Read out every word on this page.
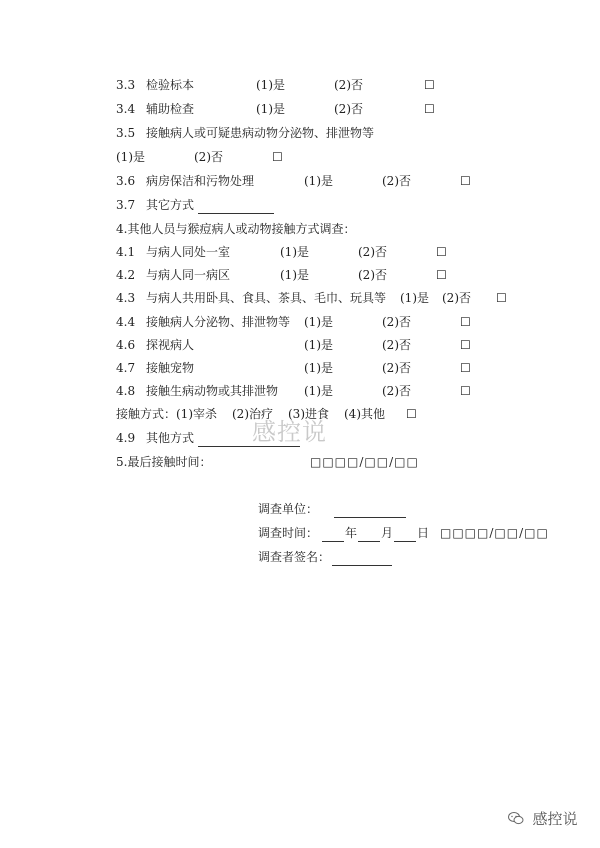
3.3 检验标本	(1)是	(2)否	☐
3.4 辅助检查	(1)是	(2)否	☐
3.5 接触病人或可疑患病动物分泌物、排泄物等
(1)是	(2)否	☐
3.6 病房保洁和污物处理	(1)是	(2)否	☐
3.7 其它方式
4.其他人员与猴痘病人或动物接触方式调查：
4.1 与病人同处一室	(1)是	(2)否	☐
4.2 与病人同一病区	(1)是	(2)否	☐
4.3 与病人共用卧具、食具、茶具、毛巾、玩具等 (1)是 (2)否 ☐
4.4 接触病人分泌物、排泄物等 (1)是	(2)否	☐
4.6 探视病人	(1)是	(2)否	☐
4.7 接触宠物	(1)是	(2)否	☐
4.8 接触生病动物或其排泄物 (1)是	(2)否	☐
接触方式： (1)宰杀 (2)治疗 (3)进食 (4)其他 ☐
4.9 其他方式
5.最后接触时间：	□□□□/□□/□□
调查单位：
调查时间： 年 月 日 □□□□/□□/□□
调查者签名：
感控说
感控说
